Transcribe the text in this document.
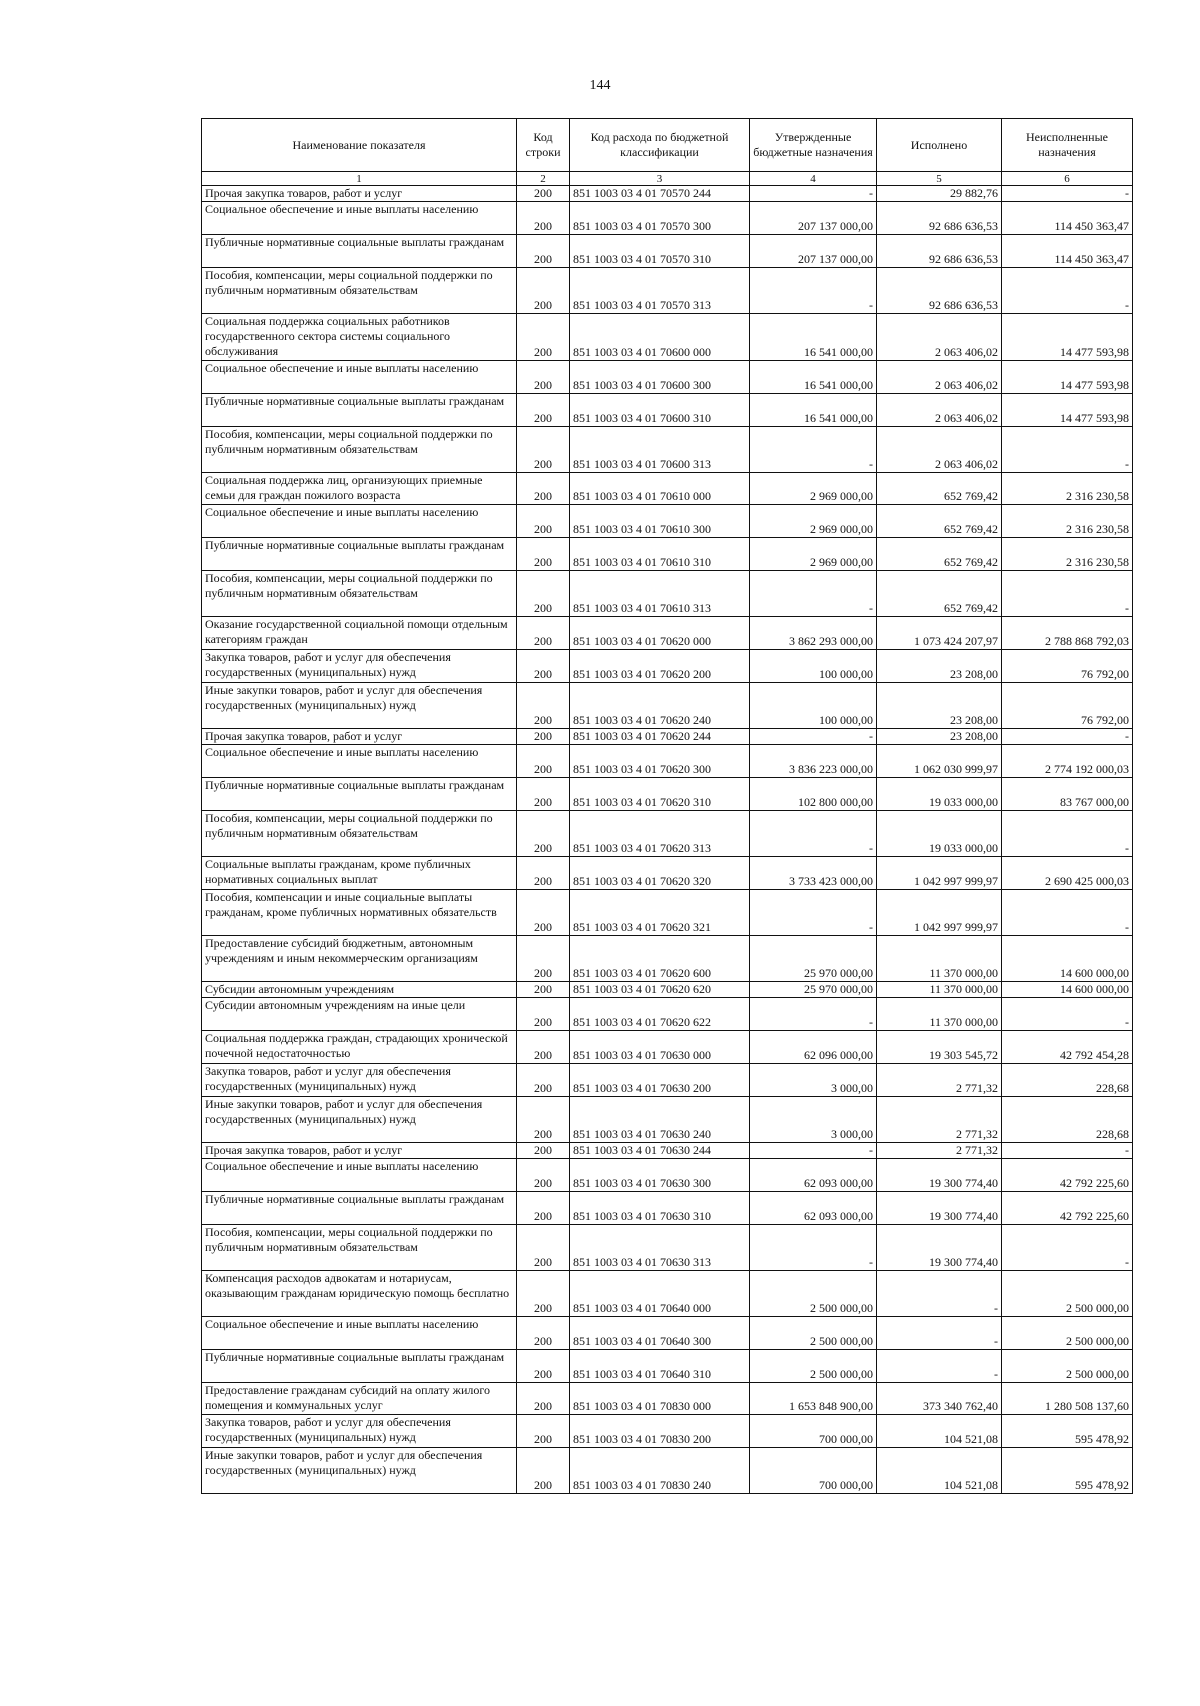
144
Наименование показателя	Код строки	Код расхода по бюджетной классификации	Утвержденные бюджетные назначения	Исполнено	Неисполненные назначения
1	2	3	4	5	6
Прочая закупка товаров, работ и услуг	200	851 1003 03 4 01 70570 244	-	29 882,76	-
Социальное обеспечение и иные выплаты населению	200	851 1003 03 4 01 70570 300	207 137 000,00	92 686 636,53	114 450 363,47
Публичные нормативные социальные выплаты гражданам	200	851 1003 03 4 01 70570 310	207 137 000,00	92 686 636,53	114 450 363,47
Пособия, компенсации, меры социальной поддержки по публичным нормативным обязательствам	200	851 1003 03 4 01 70570 313	-	92 686 636,53	-
Социальная поддержка социальных работников государственного сектора системы социального обслуживания	200	851 1003 03 4 01 70600 000	16 541 000,00	2 063 406,02	14 477 593,98
Социальное обеспечение и иные выплаты населению	200	851 1003 03 4 01 70600 300	16 541 000,00	2 063 406,02	14 477 593,98
Публичные нормативные социальные выплаты гражданам	200	851 1003 03 4 01 70600 310	16 541 000,00	2 063 406,02	14 477 593,98
Пособия, компенсации, меры социальной поддержки по публичным нормативным обязательствам	200	851 1003 03 4 01 70600 313	-	2 063 406,02	-
Социальная поддержка лиц, организующих приемные семьи для граждан пожилого возраста	200	851 1003 03 4 01 70610 000	2 969 000,00	652 769,42	2 316 230,58
Социальное обеспечение и иные выплаты населению	200	851 1003 03 4 01 70610 300	2 969 000,00	652 769,42	2 316 230,58
Публичные нормативные социальные выплаты гражданам	200	851 1003 03 4 01 70610 310	2 969 000,00	652 769,42	2 316 230,58
Пособия, компенсации, меры социальной поддержки по публичным нормативным обязательствам	200	851 1003 03 4 01 70610 313	-	652 769,42	-
Оказание государственной социальной помощи отдельным категориям граждан	200	851 1003 03 4 01 70620 000	3 862 293 000,00	1 073 424 207,97	2 788 868 792,03
Закупка товаров, работ и услуг для обеспечения государственных (муниципальных) нужд	200	851 1003 03 4 01 70620 200	100 000,00	23 208,00	76 792,00
Иные закупки товаров, работ и услуг для обеспечения государственных (муниципальных) нужд	200	851 1003 03 4 01 70620 240	100 000,00	23 208,00	76 792,00
Прочая закупка товаров, работ и услуг	200	851 1003 03 4 01 70620 244	-	23 208,00	-
Социальное обеспечение и иные выплаты населению	200	851 1003 03 4 01 70620 300	3 836 223 000,00	1 062 030 999,97	2 774 192 000,03
Публичные нормативные социальные выплаты гражданам	200	851 1003 03 4 01 70620 310	102 800 000,00	19 033 000,00	83 767 000,00
Пособия, компенсации, меры социальной поддержки по публичным нормативным обязательствам	200	851 1003 03 4 01 70620 313	-	19 033 000,00	-
Социальные выплаты гражданам, кроме публичных нормативных социальных выплат	200	851 1003 03 4 01 70620 320	3 733 423 000,00	1 042 997 999,97	2 690 425 000,03
Пособия, компенсации и иные социальные выплаты гражданам, кроме публичных нормативных обязательств	200	851 1003 03 4 01 70620 321	-	1 042 997 999,97	-
Предоставление субсидий бюджетным, автономным учреждениям и иным некоммерческим организациям	200	851 1003 03 4 01 70620 600	25 970 000,00	11 370 000,00	14 600 000,00
Субсидии автономным учреждениям	200	851 1003 03 4 01 70620 620	25 970 000,00	11 370 000,00	14 600 000,00
Субсидии автономным учреждениям на иные цели	200	851 1003 03 4 01 70620 622	-	11 370 000,00	-
Социальная поддержка граждан, страдающих хронической почечной недостаточностью	200	851 1003 03 4 01 70630 000	62 096 000,00	19 303 545,72	42 792 454,28
Закупка товаров, работ и услуг для обеспечения государственных (муниципальных) нужд	200	851 1003 03 4 01 70630 200	3 000,00	2 771,32	228,68
Иные закупки товаров, работ и услуг для обеспечения государственных (муниципальных) нужд	200	851 1003 03 4 01 70630 240	3 000,00	2 771,32	228,68
Прочая закупка товаров, работ и услуг	200	851 1003 03 4 01 70630 244	-	2 771,32	-
Социальное обеспечение и иные выплаты населению	200	851 1003 03 4 01 70630 300	62 093 000,00	19 300 774,40	42 792 225,60
Публичные нормативные социальные выплаты гражданам	200	851 1003 03 4 01 70630 310	62 093 000,00	19 300 774,40	42 792 225,60
Пособия, компенсации, меры социальной поддержки по публичным нормативным обязательствам	200	851 1003 03 4 01 70630 313	-	19 300 774,40	-
Компенсация расходов адвокатам и нотариусам, оказывающим гражданам юридическую помощь бесплатно	200	851 1003 03 4 01 70640 000	2 500 000,00	-	2 500 000,00
Социальное обеспечение и иные выплаты населению	200	851 1003 03 4 01 70640 300	2 500 000,00	-	2 500 000,00
Публичные нормативные социальные выплаты гражданам	200	851 1003 03 4 01 70640 310	2 500 000,00	-	2 500 000,00
Предоставление гражданам субсидий на оплату жилого помещения и коммунальных услуг	200	851 1003 03 4 01 70830 000	1 653 848 900,00	373 340 762,40	1 280 508 137,60
Закупка товаров, работ и услуг для обеспечения государственных (муниципальных) нужд	200	851 1003 03 4 01 70830 200	700 000,00	104 521,08	595 478,92
Иные закупки товаров, работ и услуг для обеспечения государственных (муниципальных) нужд	200	851 1003 03 4 01 70830 240	700 000,00	104 521,08	595 478,92
